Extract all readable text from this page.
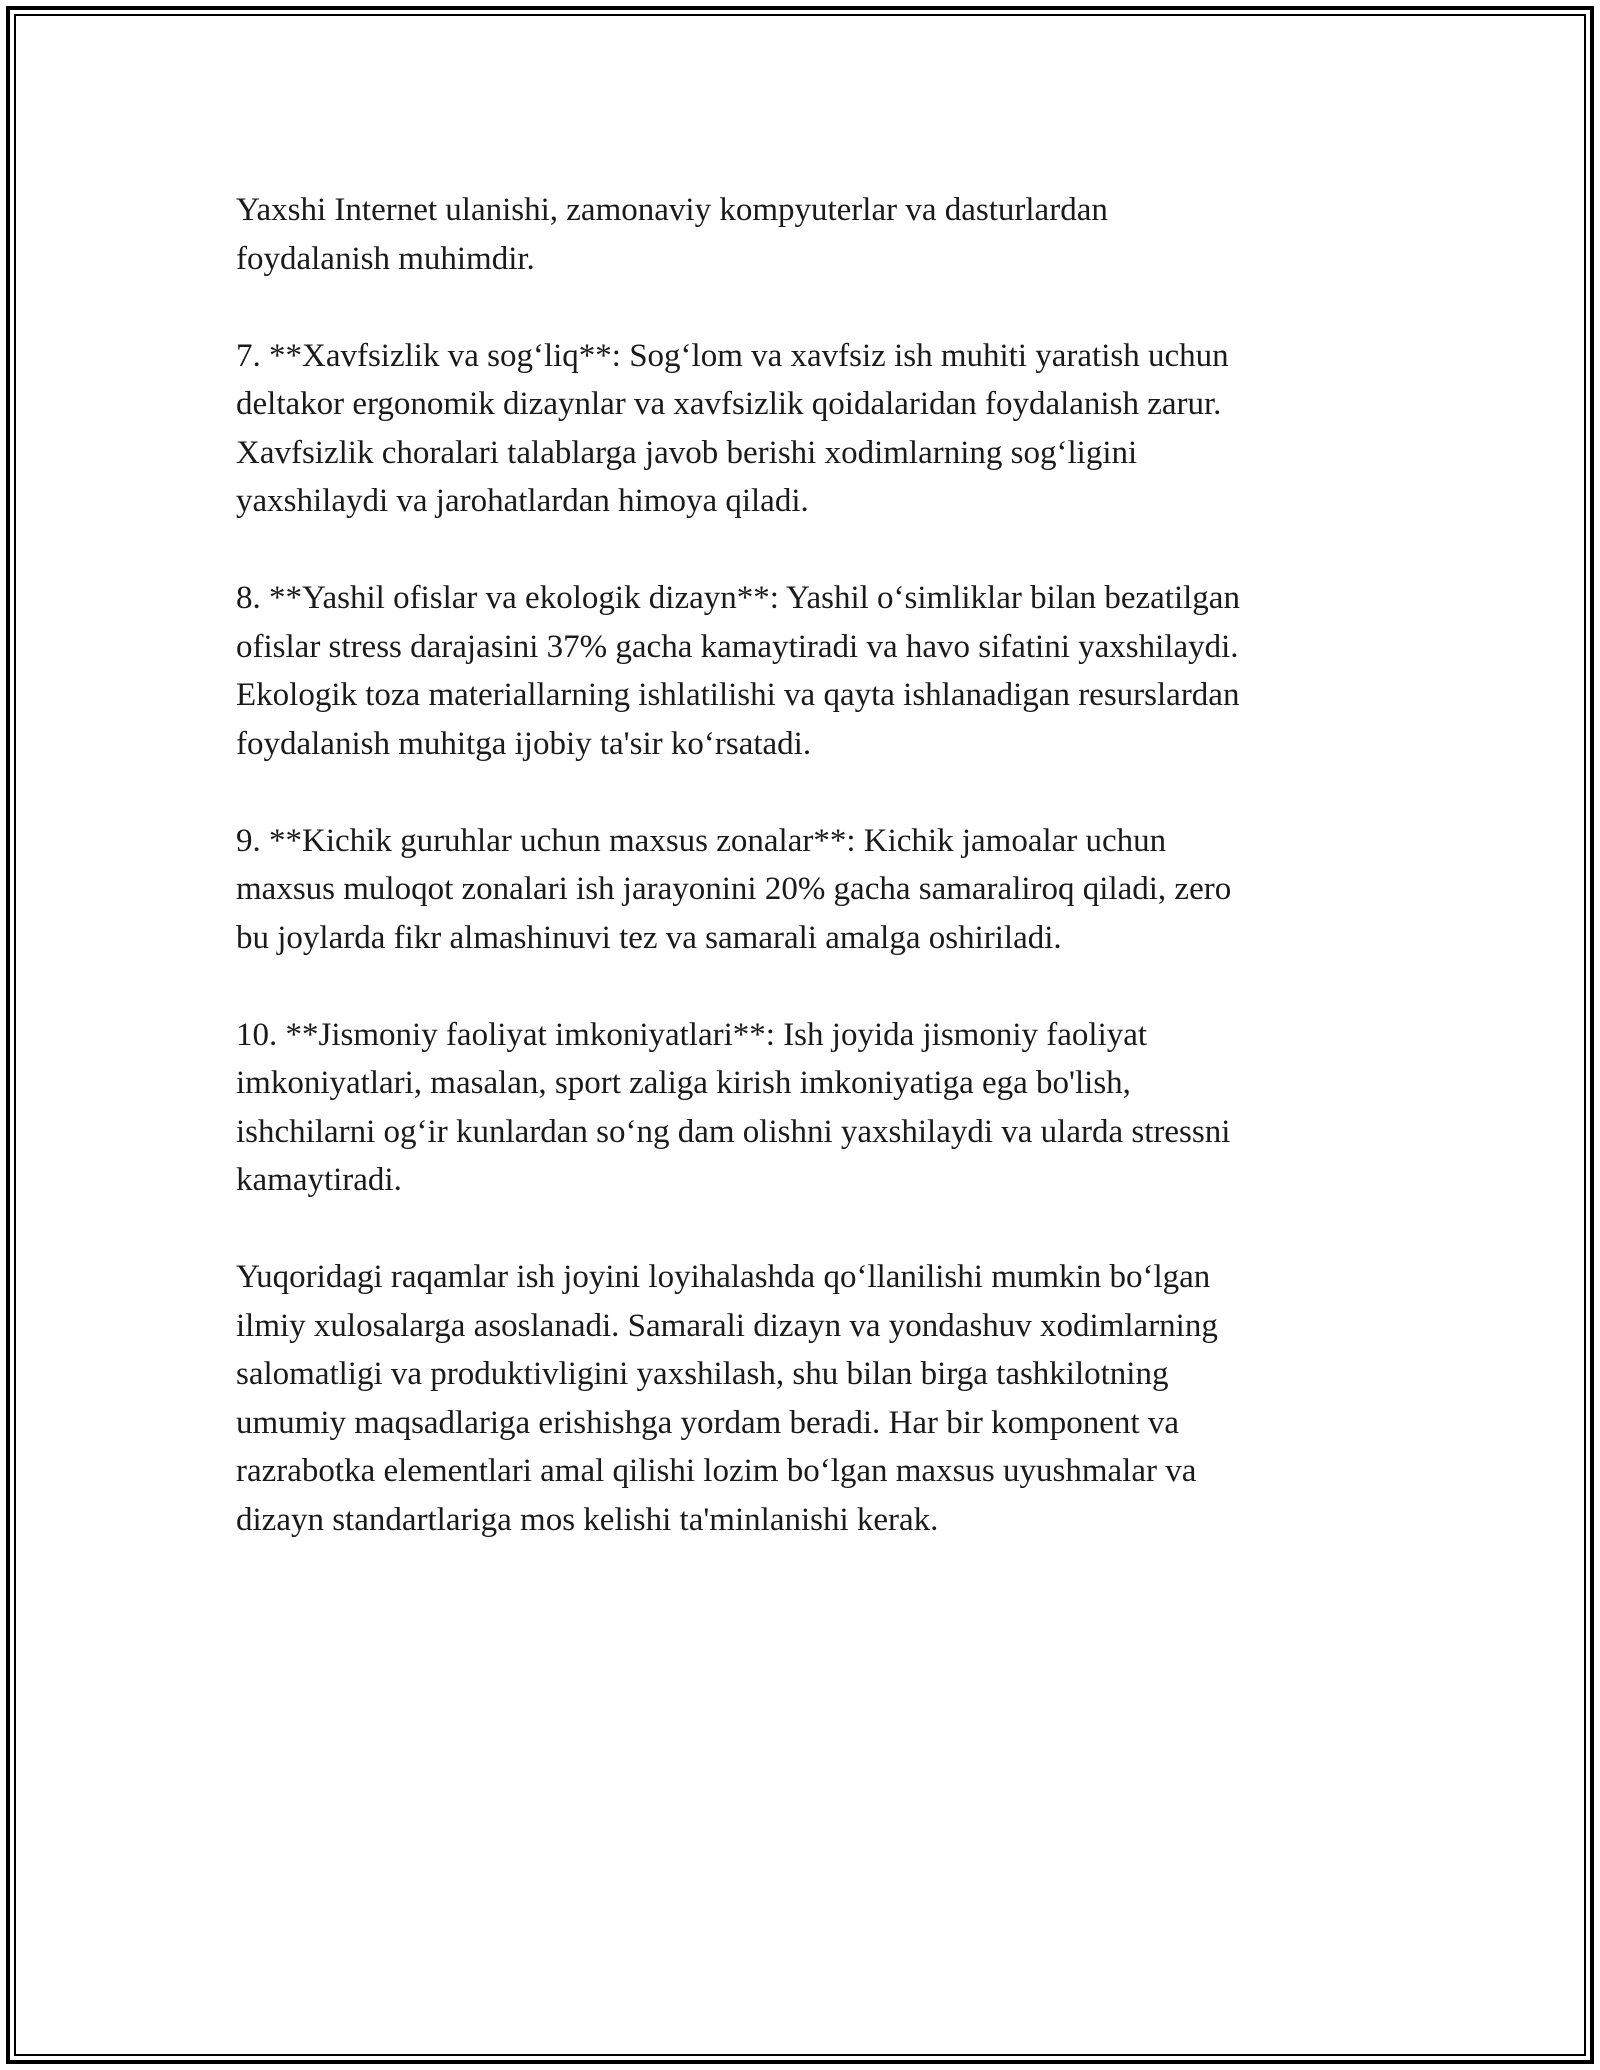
Yaxshi Internet ulanishi, zamonaviy kompyuterlar va dasturlardan
foydalanish muhimdir.

7. **Xavfsizlik va sog‘liq**: Sog‘lom va xavfsiz ish muhiti yaratish uchun
deltakor ergonomik dizaynlar va xavfsizlik qoidalaridan foydalanish zarur.
Xavfsizlik choralari talablarga javob berishi xodimlarning sog‘ligini
yaxshilaydi va jarohatlardan himoya qiladi.

8. **Yashil ofislar va ekologik dizayn**: Yashil o‘simliklar bilan bezatilgan
ofislar stress darajasini 37% gacha kamaytiradi va havo sifatini yaxshilaydi.
Ekologik toza materiallarning ishlatilishi va qayta ishlanadigan resurslardan
foydalanish muhitga ijobiy ta'sir ko‘rsatadi.

9. **Kichik guruhlar uchun maxsus zonalar**: Kichik jamoalar uchun
maxsus muloqot zonalari ish jarayonini 20% gacha samaraliroq qiladi, zero
bu joylarda fikr almashinuvi tez va samarali amalga oshiriladi.

10. **Jismoniy faoliyat imkoniyatlari**: Ish joyida jismoniy faoliyat
imkoniyatlari, masalan, sport zaliga kirish imkoniyatiga ega bo'lish,
ishchilarni og‘ir kunlardan so‘ng dam olishni yaxshilaydi va ularda stressni
kamaytiradi.

Yuqoridagi raqamlar ish joyini loyihalashda qo‘llanilishi mumkin bo‘lgan
ilmiy xulosalarga asoslanadi. Samarali dizayn va yondashuv xodimlarning
salomatligi va produktivligini yaxshilash, shu bilan birga tashkilotning
umumiy maqsadlariga erishishga yordam beradi. Har bir komponent va
razrabotka elementlari amal qilishi lozim bo‘lgan maxsus uyushmalar va
dizayn standartlariga mos kelishi ta'minlanishi kerak.
